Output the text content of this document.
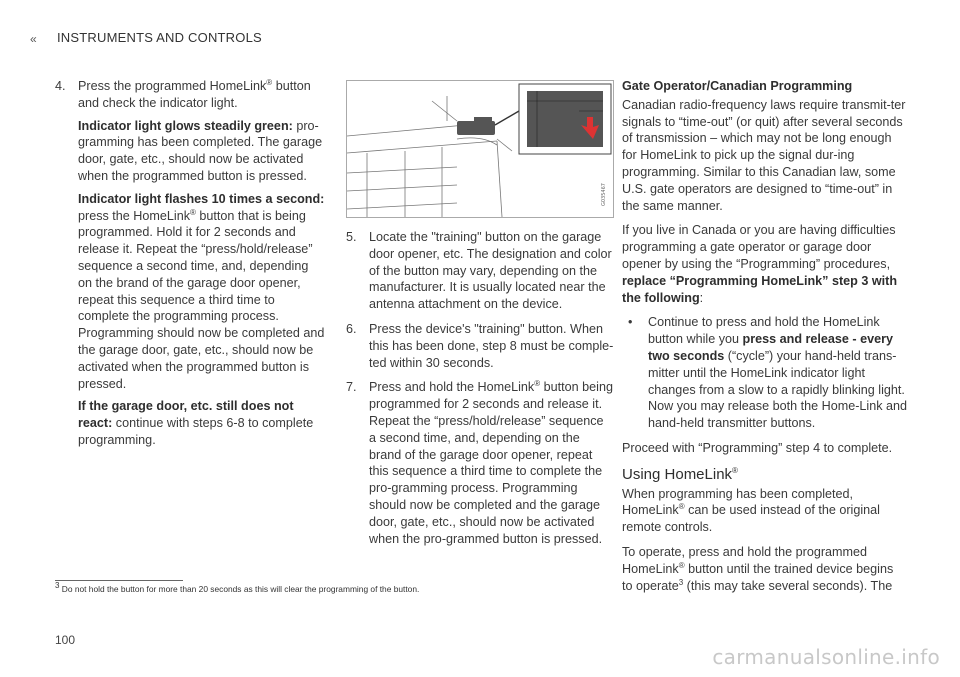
« INSTRUMENTS AND CONTROLS
4. Press the programmed HomeLink® button and check the indicator light.
Indicator light glows steadily green: pro-gramming has been completed. The garage door, gate, etc., should now be activated when the programmed button is pressed.
Indicator light flashes 10 times a second:
press the HomeLink® button that is being programmed. Hold it for 2 seconds and release it. Repeat the “press/hold/release” sequence a second time, and, depending on the brand of the garage door opener, repeat this sequence a third time to complete the programming process. Programming should now be completed and the garage door, gate, etc., should now be activated when the programmed button is pressed.
If the garage door, etc. still does not react: continue with steps 6-8 to complete programming.
G035467
5. Locate the "training" button on the garage door opener, etc. The designation and color of the button may vary, depending on the manufacturer. It is usually located near the antenna attachment on the device.
6. Press the device's "training" button. When this has been done, step 8 must be comple-ted within 30 seconds.
7. Press and hold the HomeLink® button being programmed for 2 seconds and release it. Repeat the “press/hold/release” sequence a second time, and, depending on the brand of the garage door opener, repeat this sequence a third time to complete the pro-gramming process. Programming should now be completed and the garage door, gate, etc., should now be activated when the pro-grammed button is pressed.
Gate Operator/Canadian Programming

Canadian radio-frequency laws require transmit-ter signals to “time-out” (or quit) after several seconds of transmission – which may not be long enough for HomeLink to pick up the signal dur-ing programming. Similar to this Canadian law, some U.S. gate operators are designed to “time-out” in the same manner.

If you live in Canada or you are having difficulties programming a gate operator or garage door opener by using the “Programming” procedures, replace “Programming HomeLink” step 3 with the following:

• Continue to press and hold the HomeLink button while you press and release - every two seconds (“cycle”) your hand-held trans-mitter until the HomeLink indicator light changes from a slow to a rapidly blinking light. Now you may release both the Home-Link and hand-held transmitter buttons.

Proceed with “Programming” step 4 to complete.

Using HomeLink®

When programming has been completed, HomeLink® can be used instead of the original remote controls.

To operate, press and hold the programmed HomeLink® button until the trained device begins to operate$^3$ (this may take several seconds). The

$^3$ Do not hold the button for more than 20 seconds as this will clear the programming of the button.
100
carmanualsonline.info
